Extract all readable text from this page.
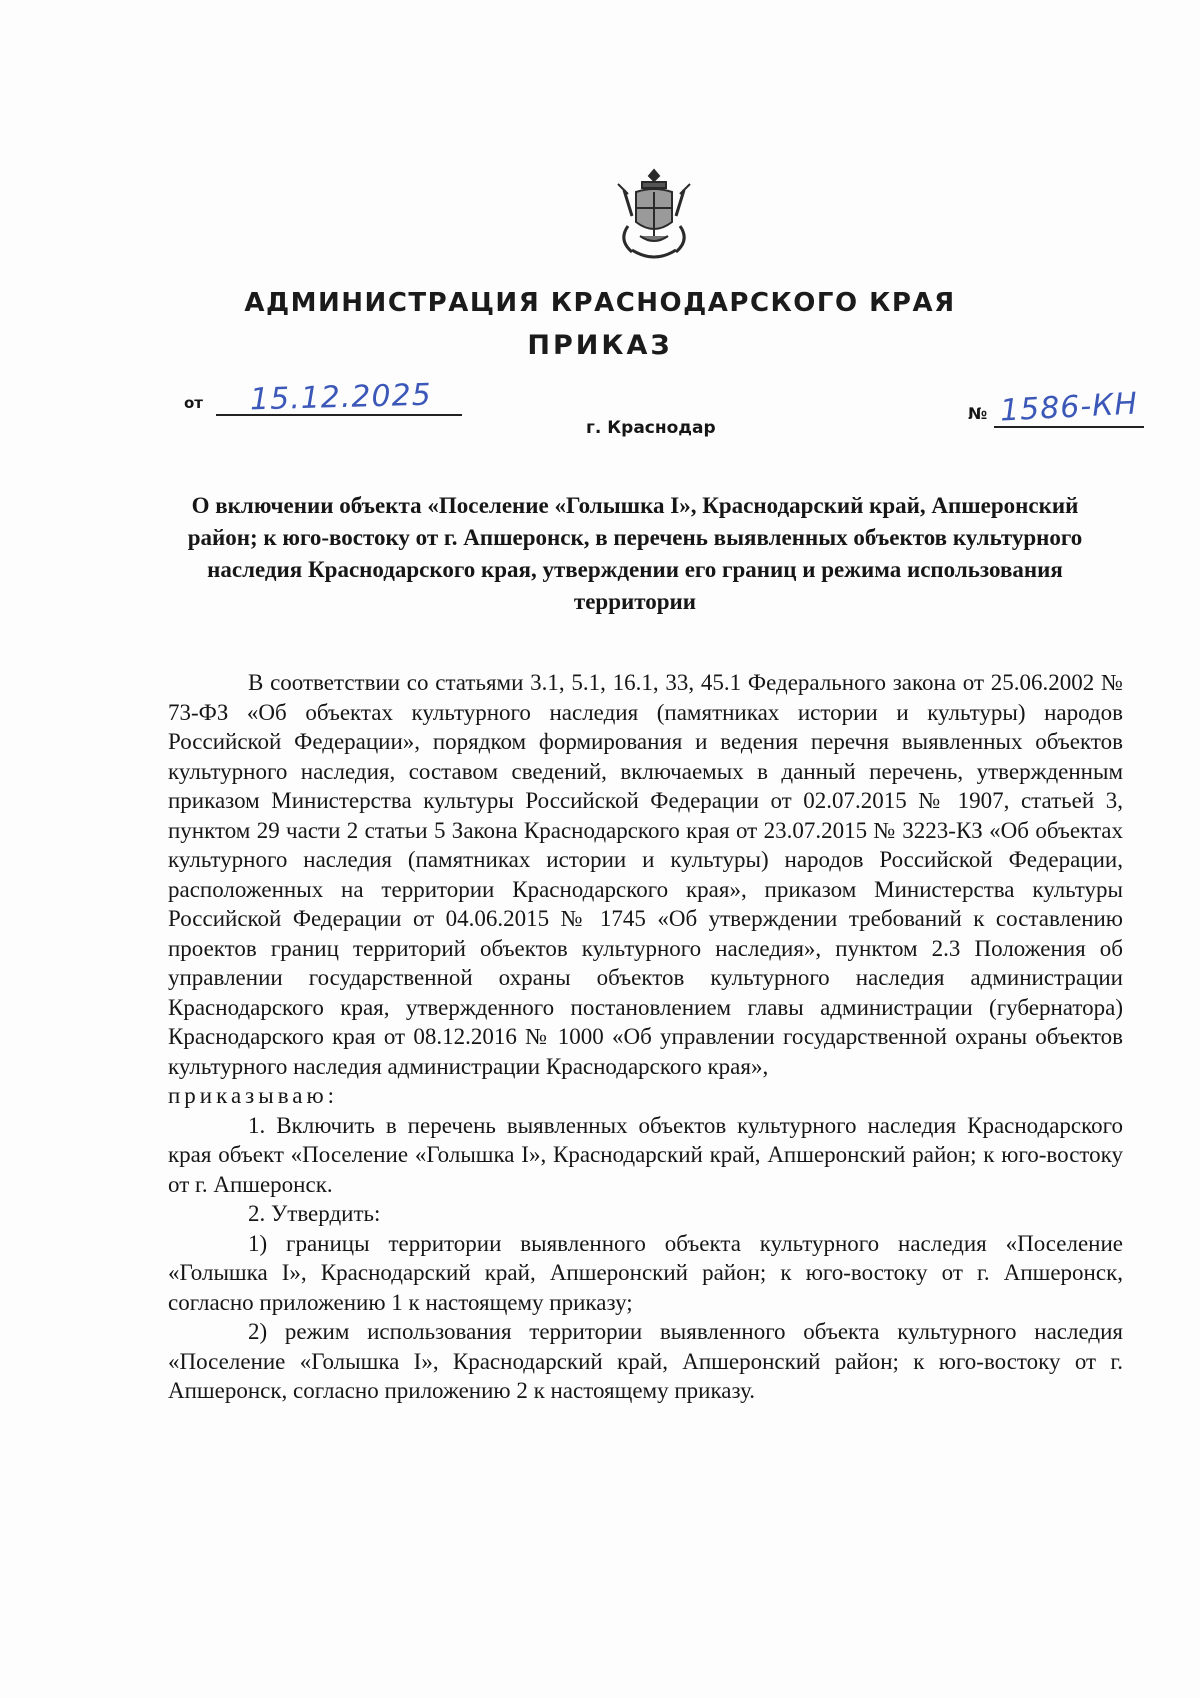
АДМИНИСТРАЦИЯ КРАСНОДАРСКОГО КРАЯ
ПРИКАЗ
от 15.12.2025
г. Краснодар
№ 1586-КН
О включении объекта «Поселение «Голышка I», Краснодарский край, Апшеронский район; к юго-востоку от г. Апшеронск, в перечень выявленных объектов культурного наследия Краснодарского края, утверждении его границ и режима использования территории

В соответствии со статьями 3.1, 5.1, 16.1, 33, 45.1 Федерального закона от 25.06.2002 № 73-ФЗ «Об объектах культурного наследия (памятниках истории и культуры) народов Российской Федерации», порядком формирования и ведения перечня выявленных объектов культурного наследия, составом сведений, включаемых в данный перечень, утвержденным приказом Министерства культуры Российской Федерации от 02.07.2015 № 1907, статьей 3, пунктом 29 части 2 статьи 5 Закона Краснодарского края от 23.07.2015 № 3223-КЗ «Об объектах культурного наследия (памятниках истории и культуры) народов Российской Федерации, расположенных на территории Краснодарского края», приказом Министерства культуры Российской Федерации от 04.06.2015 № 1745 «Об утверждении требований к составлению проектов границ территорий объектов культурного наследия», пунктом 2.3 Положения об управлении государственной охраны объектов культурного наследия администрации Краснодарского края, утвержденного постановлением главы администрации (губернатора) Краснодарского края от 08.12.2016 № 1000 «Об управлении государственной охраны объектов культурного наследия администрации Краснодарского края»,

приказываю:

1. Включить в перечень выявленных объектов культурного наследия Краснодарского края объект «Поселение «Голышка I», Краснодарский край, Апшеронский район; к юго-востоку от г. Апшеронск.

2. Утвердить:

1) границы территории выявленного объекта культурного наследия «Поселение «Голышка I», Краснодарский край, Апшеронский район; к юго-востоку от г. Апшеронск, согласно приложению 1 к настоящему приказу;

2) режим использования территории выявленного объекта культурного наследия «Поселение «Голышка I», Краснодарский край, Апшеронский район; к юго-востоку от г. Апшеронск, согласно приложению 2 к настоящему приказу.
